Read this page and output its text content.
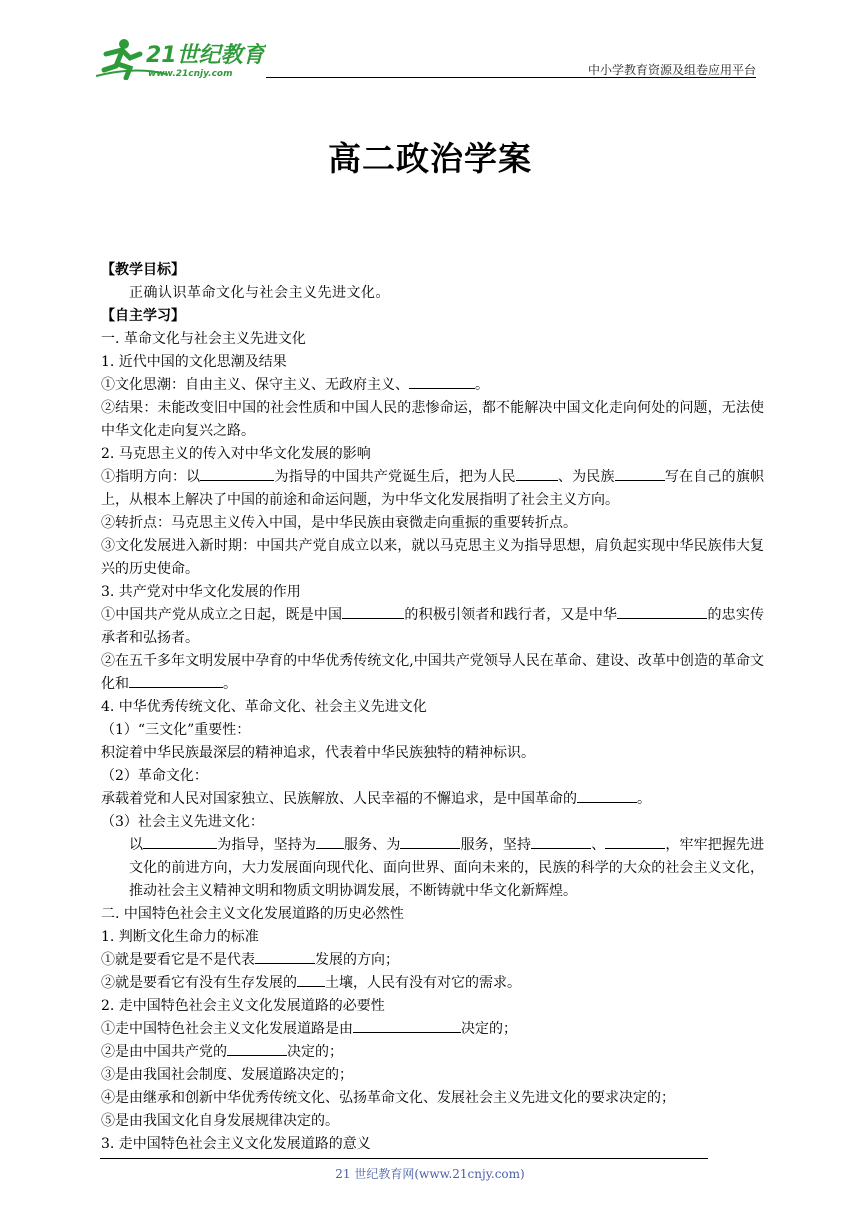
21世纪教育
www.21cnjy.com	中小学教育资源及组卷应用平台
高二政治学案

【教学目标】

正确认识革命文化与社会主义先进文化。

【自主学习】

一. 革命文化与社会主义先进文化

1. 近代中国的文化思潮及结果

①文化思潮：自由主义、保守主义、无政府主义、	。

②结果：未能改变旧中国的社会性质和中国人民的悲惨命运，都不能解决中国文化走向何处的问题，无法使中华文化走向复兴之路。

2. 马克思主义的传入对中华文化发展的影响

①指明方向：以	为指导的中国共产党诞生后，把为人民	、为民族	写在自己的旗帜上，从根本上解决了中国的前途和命运问题，为中华文化发展指明了社会主义方向。

②转折点：马克思主义传入中国，是中华民族由衰微走向重振的重要转折点。

③文化发展进入新时期：中国共产党自成立以来，就以马克思主义为指导思想，肩负起实现中华民族伟大复兴的历史使命。

3. 共产党对中华文化发展的作用

①中国共产党从成立之日起，既是中国	的积极引领者和践行者，又是中华	的忠实传承者和弘扬者。

②在五千多年文明发展中孕育的中华优秀传统文化,中国共产党领导人民在革命、建设、改革中创造的革命文化和	。

4. 中华优秀传统文化、革命文化、社会主义先进文化

（1）“三文化”重要性：

积淀着中华民族最深层的精神追求，代表着中华民族独特的精神标识。

（2）革命文化：

承载着党和人民对国家独立、民族解放、人民幸福的不懈追求，是中国革命的	。

（3）社会主义先进文化：

以	为指导，坚持为 服务、为	服务，坚持	、	，牢牢把握先进文化的前进方向，大力发展面向现代化、面向世界、面向未来的，民族的科学的大众的社会主义文化，推动社会主义精神文明和物质文明协调发展，不断铸就中华文化新辉煌。

二. 中国特色社会主义文化发展道路的历史必然性

1. 判断文化生命力的标准

①就是要看它是不是代表	发展的方向；

②就是要看它有没有生存发展的 土壤，人民有没有对它的需求。

2. 走中国特色社会主义文化发展道路的必要性

①走中国特色社会主义文化发展道路是由	决定的；

②是由中国共产党的	决定的；

③是由我国社会制度、发展道路决定的；

④是由继承和创新中华优秀传统文化、弘扬革命文化、发展社会主义先进文化的要求决定的；

⑤是由我国文化自身发展规律决定的。

3. 走中国特色社会主义文化发展道路的意义

21 世纪教育网(www.21cnjy.com)
